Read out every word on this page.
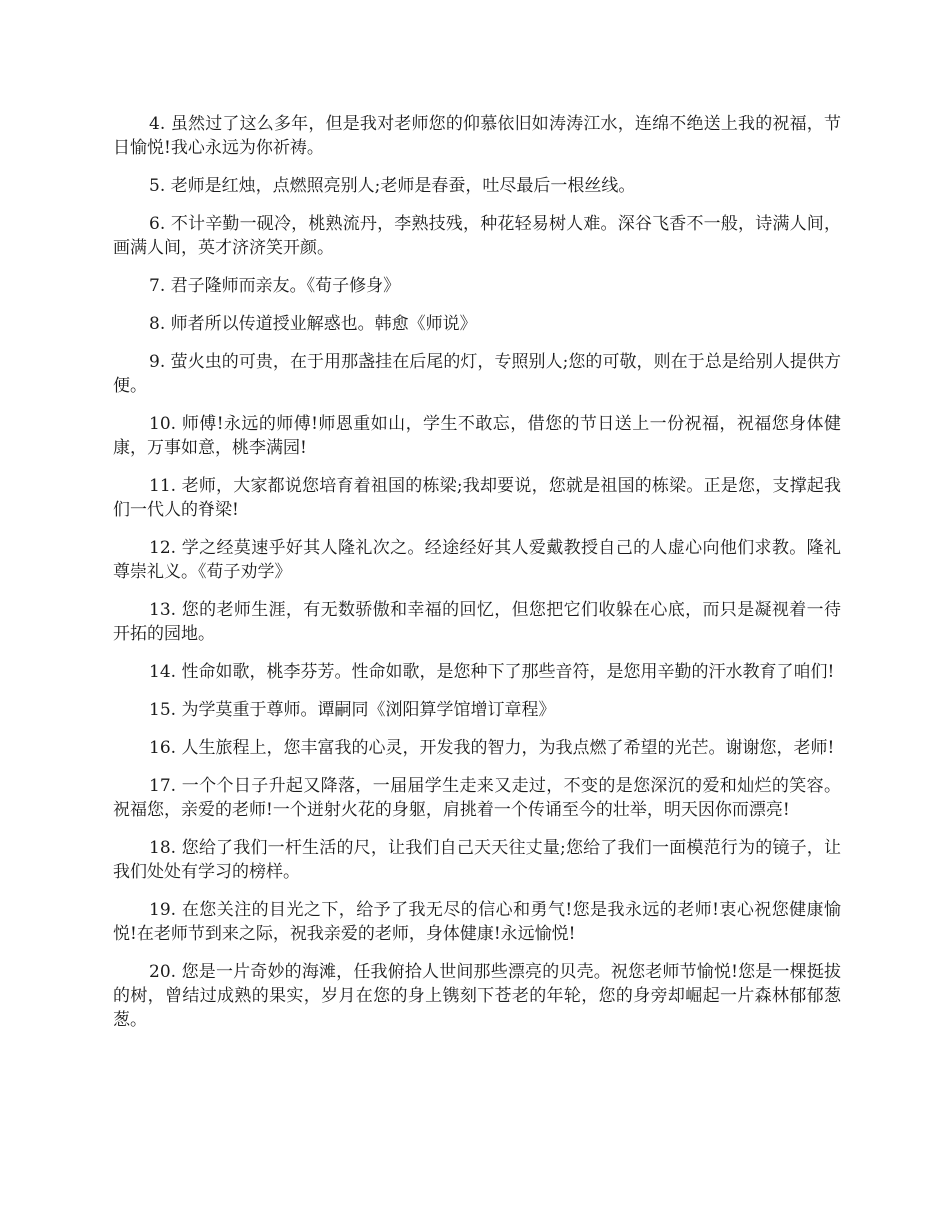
4. 虽然过了这么多年，但是我对老师您的仰慕依旧如涛涛江水，连绵不绝送上我的祝福，节日愉悦!我心永远为你祈祷。

5. 老师是红烛，点燃照亮别人;老师是春蚕，吐尽最后一根丝线。

6. 不计辛勤一砚冷，桃熟流丹，李熟技残，种花轻易树人难。深谷飞香不一般，诗满人间，画满人间，英才济济笑开颜。

7. 君子隆师而亲友。《荀子修身》

8. 师者所以传道授业解惑也。韩愈《师说》

9. 萤火虫的可贵，在于用那盏挂在后尾的灯，专照别人;您的可敬，则在于总是给别人提供方便。

10. 师傅!永远的师傅!师恩重如山，学生不敢忘，借您的节日送上一份祝福，祝福您身体健康，万事如意，桃李满园!

11. 老师，大家都说您培育着祖国的栋梁;我却要说，您就是祖国的栋梁。正是您，支撑起我们一代人的脊梁!

12. 学之经莫速乎好其人隆礼次之。经途经好其人爱戴教授自己的人虚心向他们求教。隆礼尊崇礼义。《荀子劝学》

13. 您的老师生涯，有无数骄傲和幸福的回忆，但您把它们收躲在心底，而只是凝视着一待开拓的园地。

14. 性命如歌，桃李芬芳。性命如歌，是您种下了那些音符，是您用辛勤的汗水教育了咱们!

15. 为学莫重于尊师。谭嗣同《浏阳算学馆增订章程》

16. 人生旅程上，您丰富我的心灵，开发我的智力，为我点燃了希望的光芒。谢谢您，老师!

17. 一个个日子升起又降落，一届届学生走来又走过，不变的是您深沉的爱和灿烂的笑容。祝福您，亲爱的老师!一个迸射火花的身躯，肩挑着一个传诵至今的壮举，明天因你而漂亮!

18. 您给了我们一杆生活的尺，让我们自己天天往丈量;您给了我们一面模范行为的镜子，让我们处处有学习的榜样。

19. 在您关注的目光之下，给予了我无尽的信心和勇气!您是我永远的老师!衷心祝您健康愉悦!在老师节到来之际，祝我亲爱的老师，身体健康!永远愉悦!

20. 您是一片奇妙的海滩，任我俯拾人世间那些漂亮的贝壳。祝您老师节愉悦!您是一棵挺拔的树，曾结过成熟的果实，岁月在您的身上镌刻下苍老的年轮，您的身旁却崛起一片森林郁郁葱葱。
